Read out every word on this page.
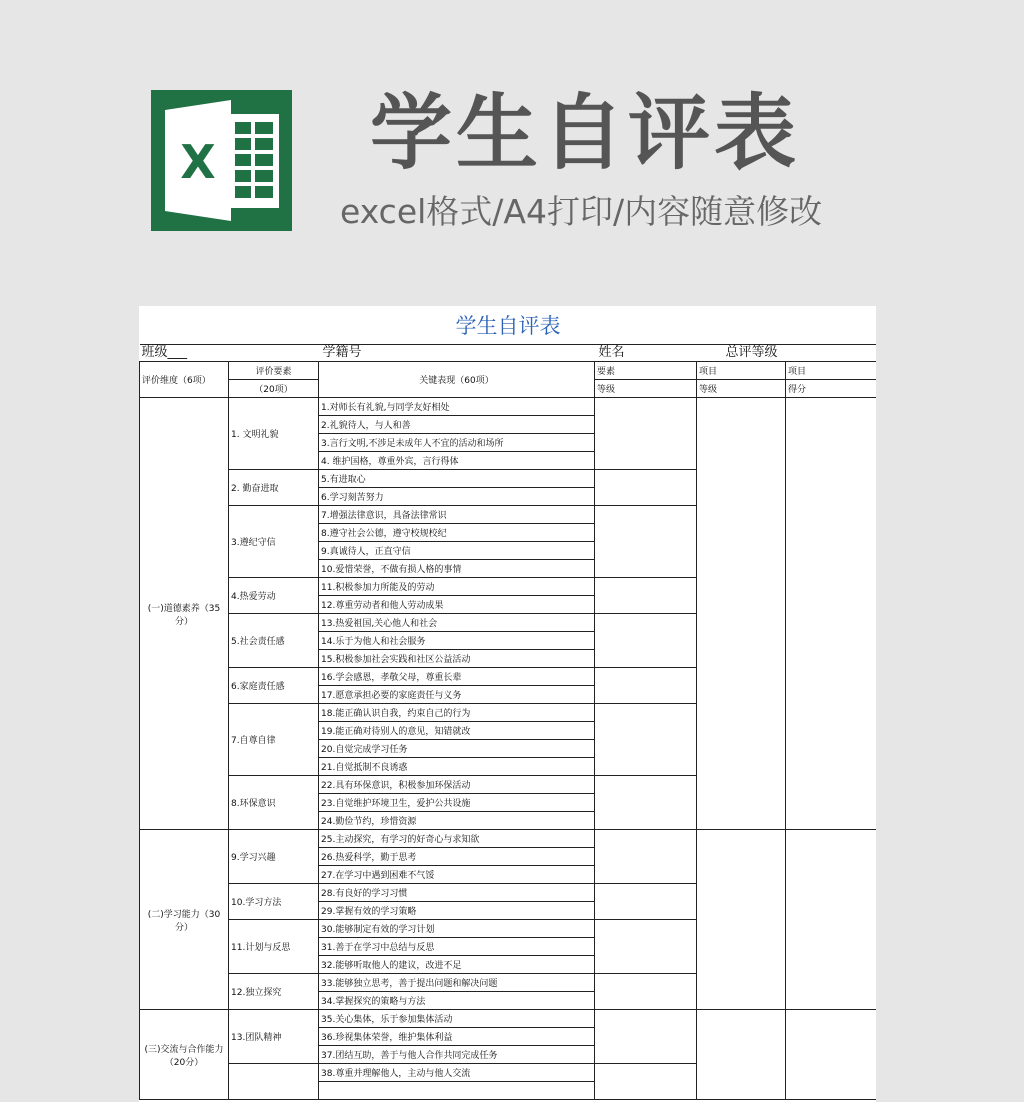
X 学生自评表
excel格式/A4打印/内容随意修改
学生自评表					

班级___ 学籍号 姓名 总评等级					

评价维度（6项）	评价要素	关键表现（60项）	要素	项目	项目
	（20项）		等级	等级	得分
(一)道德素养（35分）	1. 文明礼貌	1.对师长有礼貌,与同学友好相处			
		2.礼貌待人，与人和善			
		3.言行文明,不涉足未成年人不宜的活动和场所			
		4. 维护国格，尊重外宾，言行得体			
	2. 勤奋进取	5.有进取心			
		6.学习刻苦努力			
	3.遵纪守信	7.增强法律意识，具备法律常识			
		8.遵守社会公德，遵守校规校纪			
		9.真诚待人，正直守信			
		10.爱惜荣誉，不做有损人格的事情			
	4.热爱劳动	11.积极参加力所能及的劳动			
		12.尊重劳动者和他人劳动成果			
	5.社会责任感	13.热爱祖国,关心他人和社会			
		14.乐于为他人和社会服务			
		15.积极参加社会实践和社区公益活动			
	6.家庭责任感	16.学会感恩，孝敬父母，尊重长辈			
		17.愿意承担必要的家庭责任与义务			
	7.自尊自律	18.能正确认识自我，约束自己的行为			
		19.能正确对待别人的意见，知错就改			
		20.自觉完成学习任务			
		21.自觉抵制不良诱惑			
	8.环保意识	22.具有环保意识，积极参加环保活动			
		23.自觉维护环境卫生，爱护公共设施			
		24.勤俭节约，珍惜资源			
(二)学习能力（30分）	9.学习兴趣	25.主动探究，有学习的好奇心与求知欲			
		26.热爱科学，勤于思考			
		27.在学习中遇到困难不气馁			
	10.学习方法	28.有良好的学习习惯			
		29.掌握有效的学习策略			
	11.计划与反思	30.能够制定有效的学习计划			
		31.善于在学习中总结与反思			
		32.能够听取他人的建议，改进不足			
	12.独立探究	33.能够独立思考，善于提出问题和解决问题			
		34.掌握探究的策略与方法			
(三)交流与合作能力（20分）	13.团队精神	35.关心集体，乐于参加集体活动			
		36.珍视集体荣誉，维护集体利益			
		37.团结互助，善于与他人合作共同完成任务			
		38.尊重并理解他人，主动与他人交流			
